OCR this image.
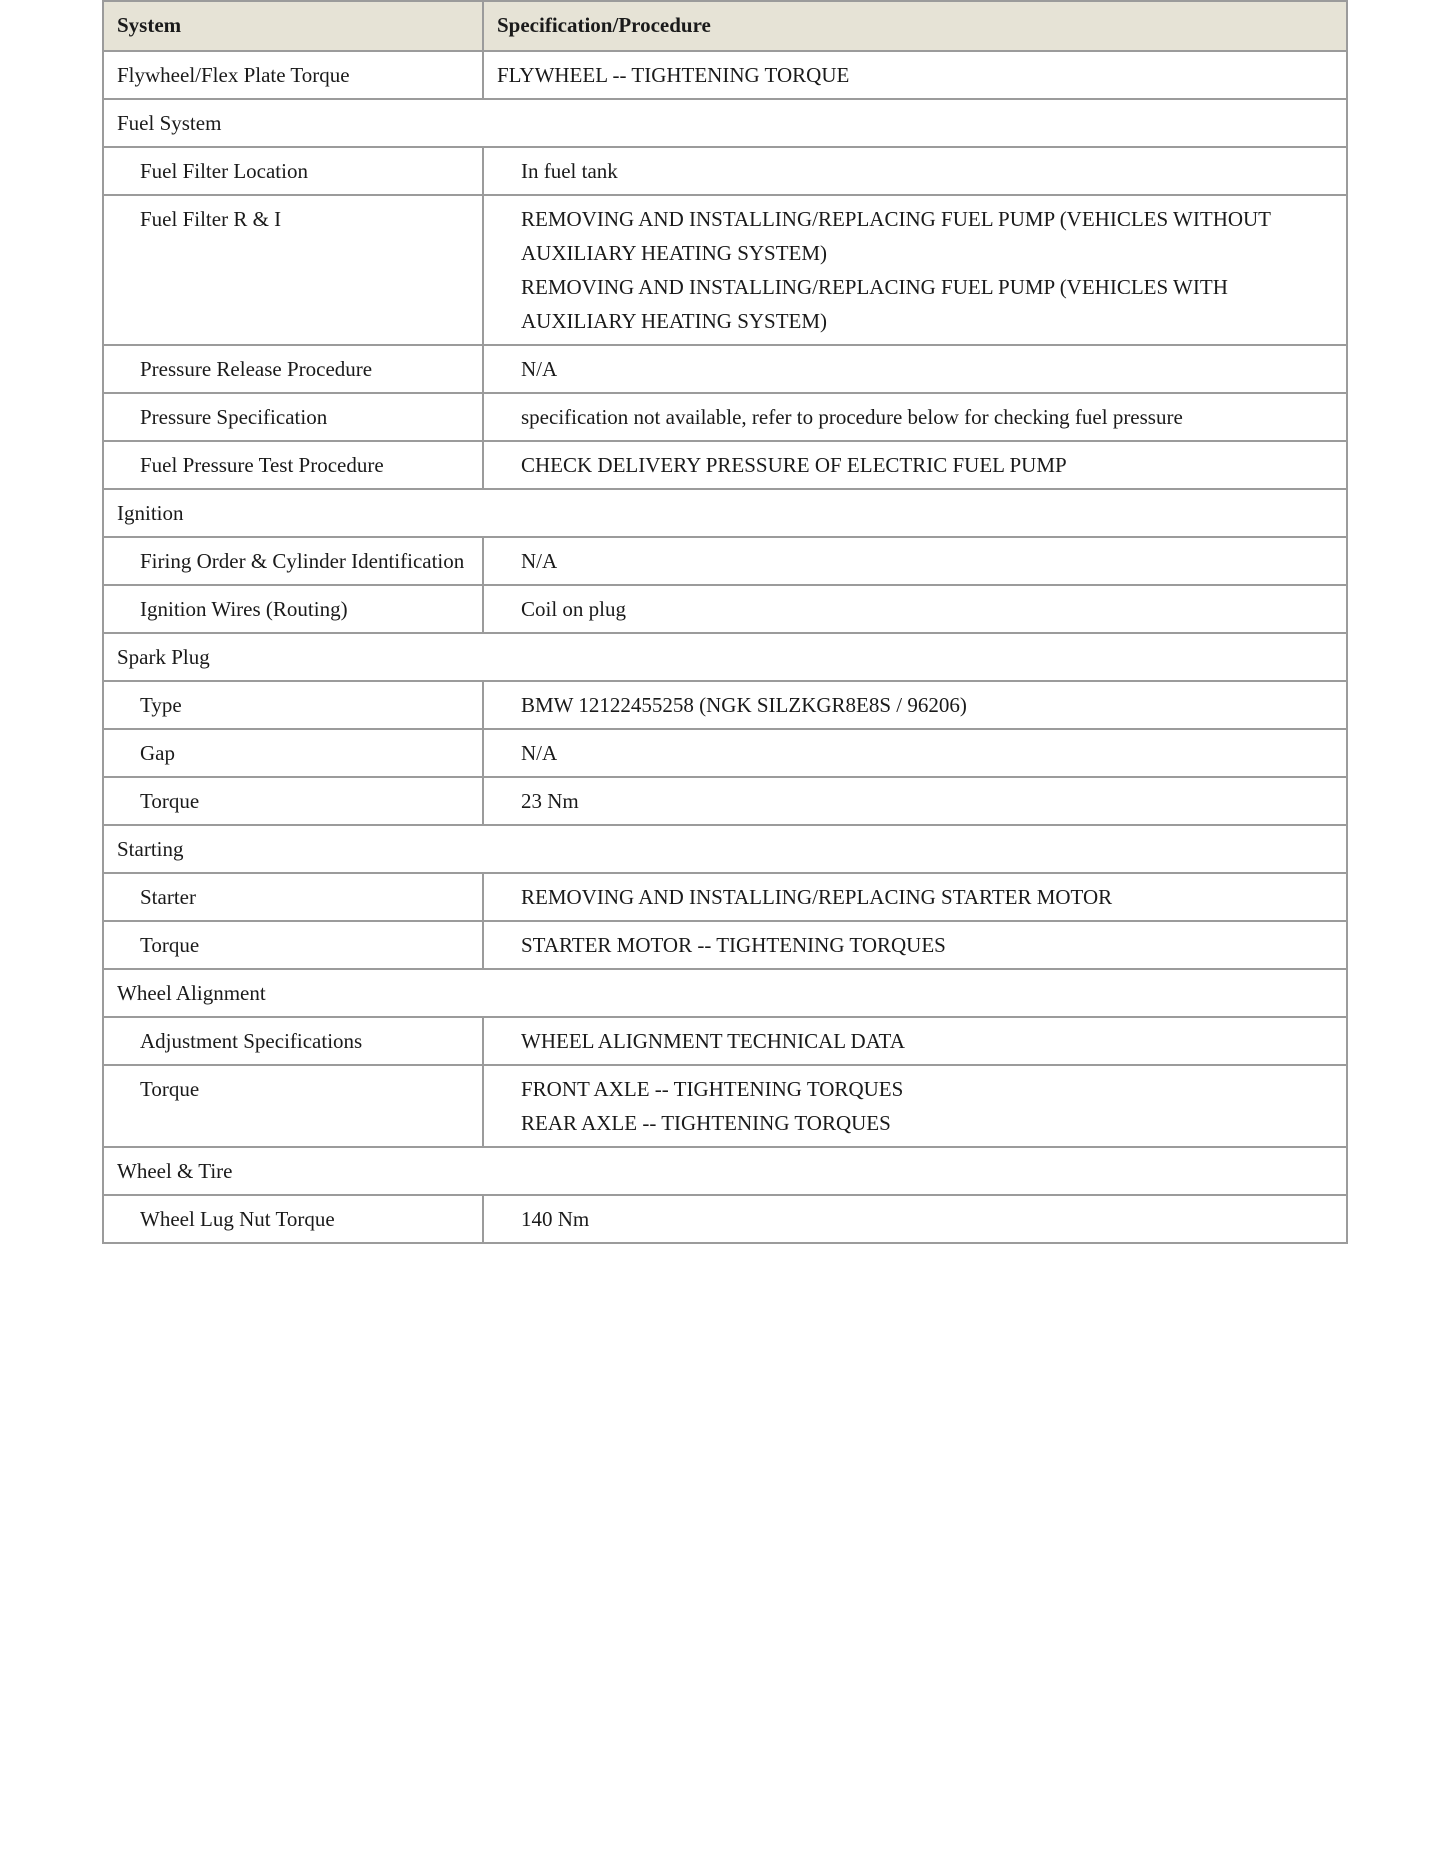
System	Specification/Procedure
Flywheel/Flex Plate Torque	FLYWHEEL -- TIGHTENING TORQUE

Fuel System	
Fuel Filter Location	In fuel tank

Fuel Filter R & I	REMOVING AND INSTALLING/REPLACING FUEL PUMP (VEHICLES WITHOUT AUXILIARY HEATING SYSTEM)
REMOVING AND INSTALLING/REPLACING FUEL PUMP (VEHICLES WITH AUXILIARY HEATING SYSTEM)

Pressure Release Procedure	N/A

Pressure Specification	specification not available, refer to procedure below for checking fuel pressure

Fuel Pressure Test Procedure	CHECK DELIVERY PRESSURE OF ELECTRIC FUEL PUMP

Ignition	
Firing Order & Cylinder Identification	N/A

Ignition Wires (Routing)	Coil on plug

Spark Plug	
Type	BMW 12122455258 (NGK SILZKGR8E8S / 96206)

Gap	N/A

Torque	23 Nm

Starting	
Starter	REMOVING AND INSTALLING/REPLACING STARTER MOTOR

Torque	STARTER MOTOR -- TIGHTENING TORQUES

Wheel Alignment	
Adjustment Specifications	WHEEL ALIGNMENT TECHNICAL DATA

Torque	FRONT AXLE -- TIGHTENING TORQUES
REAR AXLE -- TIGHTENING TORQUES

Wheel & Tire	
Wheel Lug Nut Torque	140 Nm
